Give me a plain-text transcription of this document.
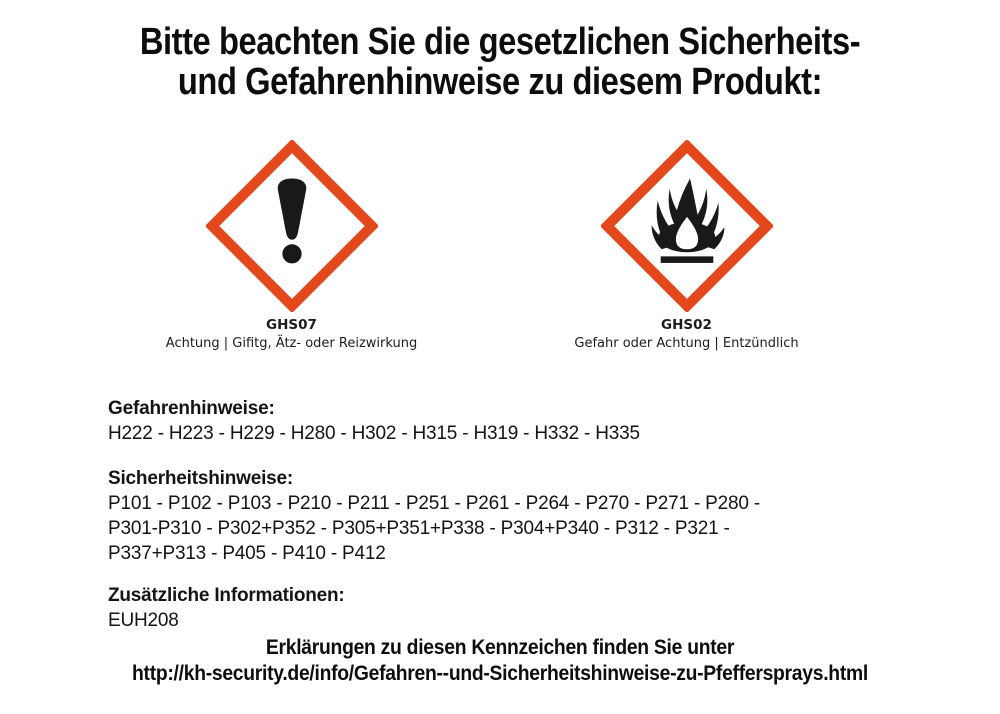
Bitte beachten Sie die gesetzlichen Sicherheits-
und Gefahrenhinweise zu diesem Produkt:
GHS07
Achtung | Gifitg, Ätz- oder Reizwirkung
GHS02
Gefahr oder Achtung | Entzündlich
Gefahrenhinweise:
H222 - H223 - H229 - H280 - H302 - H315 - H319 - H332 - H335
Sicherheitshinweise:
P101 - P102 - P103 - P210 - P211 - P251 - P261 - P264 - P270 - P271 - P280 -
P301-P310 - P302+P352 - P305+P351+P338 - P304+P340 - P312 - P321 -
P337+P313 - P405 - P410 - P412
Zusätzliche Informationen:
EUH208
Erklärungen zu diesen Kennzeichen finden Sie unter
http://kh-security.de/info/Gefahren--und-Sicherheitshinweise-zu-Pfeffersprays.html
